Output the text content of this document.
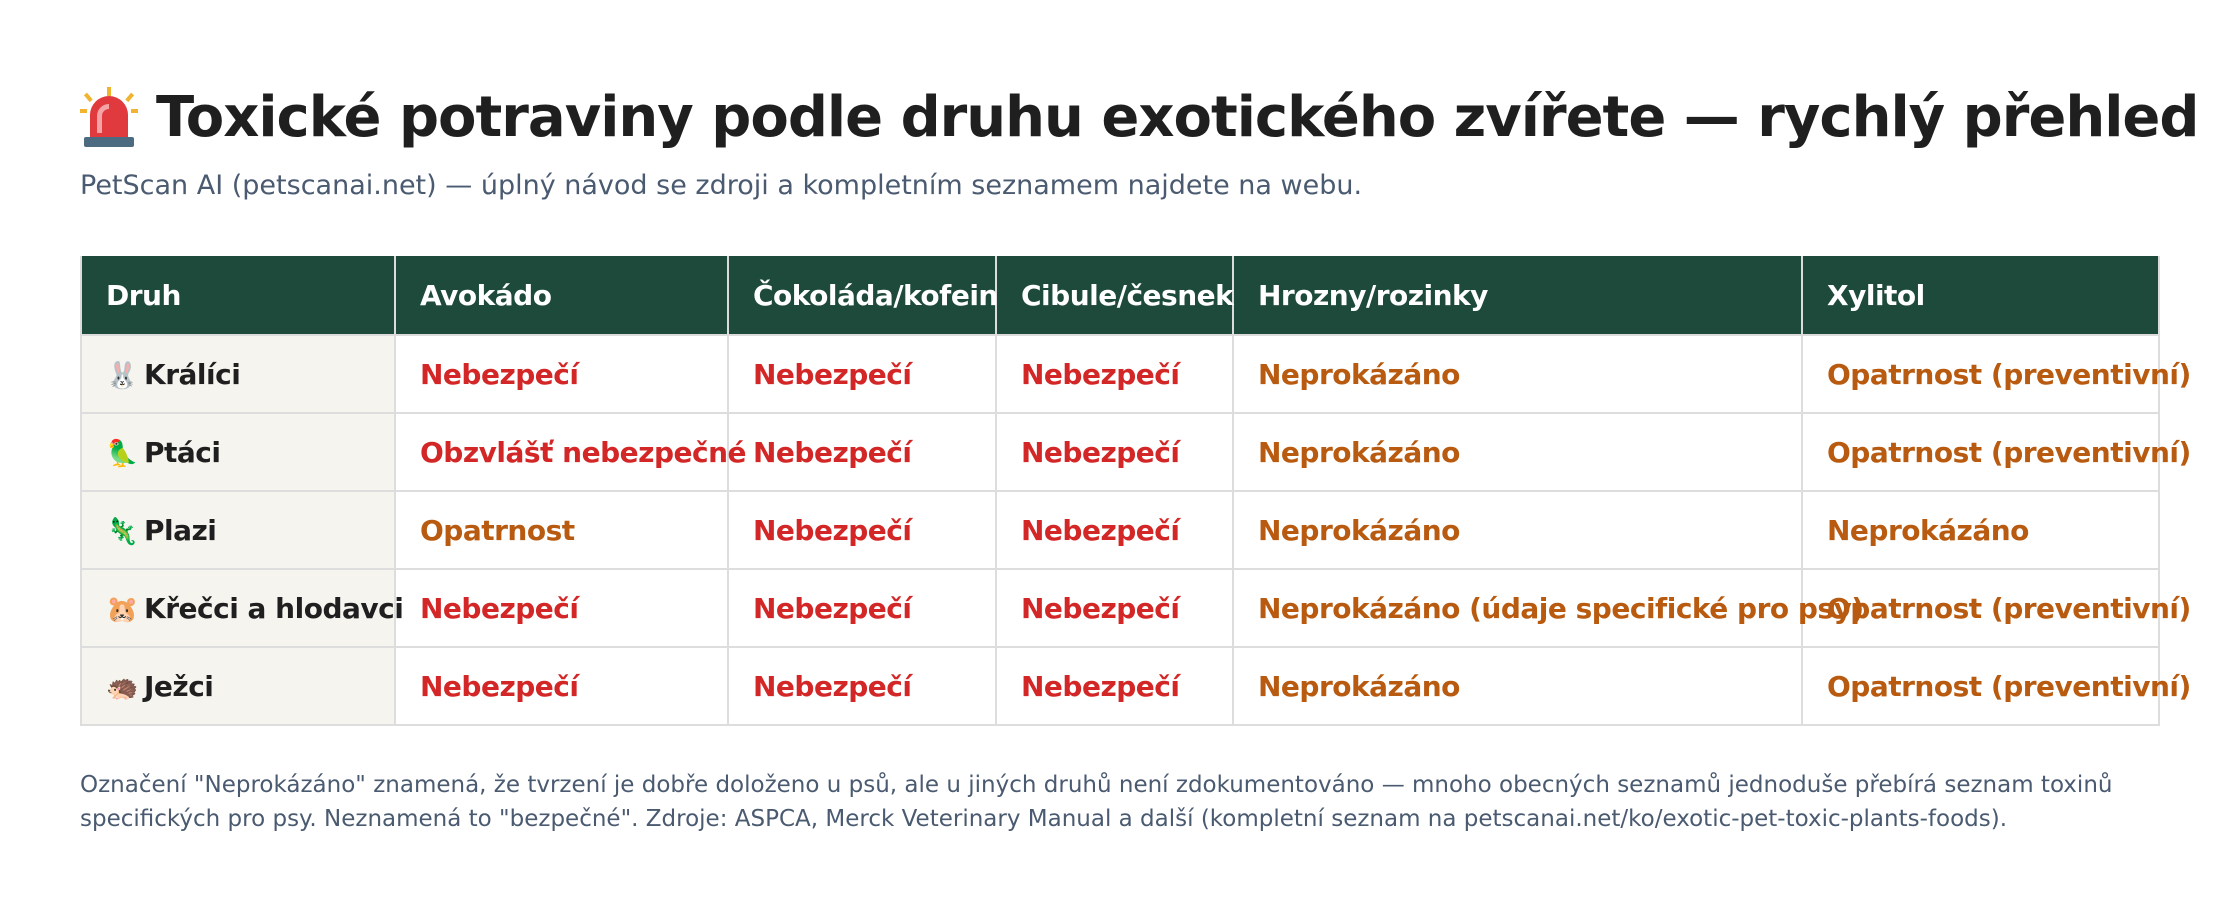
Toxické potraviny podle druhu exotického zvířete — rychlý přehled
PetScan AI (petscanai.net) — úplný návod se zdroji a kompletním seznamem najdete na webu.
Druh	Avokádo	Čokoláda/kofein	Cibule/česnek	Hrozny/rozinky	Xylitol
🐰 Králíci	Nebezpečí	Nebezpečí	Nebezpečí	Neprokázáno	Opatrnost (preventivní)
🦜 Ptáci	Obzvlášť nebezpečné	Nebezpečí	Nebezpečí	Neprokázáno	Opatrnost (preventivní)
🦎 Plazi	Opatrnost	Nebezpečí	Nebezpečí	Neprokázáno	Neprokázáno
🐹 Křečci a hlodavci	Nebezpečí	Nebezpečí	Nebezpečí	Neprokázáno (údaje specifické pro psy)	Opatrnost (preventivní)
🦔 Ježci	Nebezpečí	Nebezpečí	Nebezpečí	Neprokázáno	Opatrnost (preventivní)
Označení "Neprokázáno" znamená, že tvrzení je dobře doloženo u psů, ale u jiných druhů není zdokumentováno — mnoho obecných seznamů jednoduše přebírá seznam toxinů specifických pro psy. Neznamená to "bezpečné". Zdroje: ASPCA, Merck Veterinary Manual a další (kompletní seznam na petscanai.net/ko/exotic-pet-toxic-plants-foods).
